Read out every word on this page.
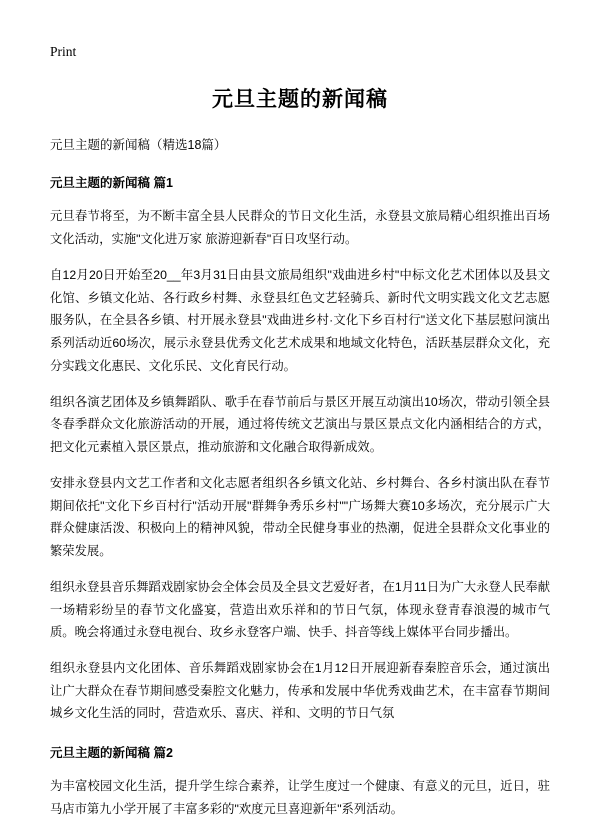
Print
元旦主题的新闻稿

元旦主题的新闻稿（精选18篇）

元旦主题的新闻稿 篇1

元旦春节将至，为不断丰富全县人民群众的节日文化生活，永登县文旅局精心组织推出百场文化活动，实施"文化进万家 旅游迎新春"百日攻坚行动。

自12月20日开始至20__年3月31日由县文旅局组织"戏曲进乡村"中标文化艺术团体以及县文化馆、乡镇文化站、各行政乡村舞、永登县红色文艺轻骑兵、新时代文明实践文化文艺志愿服务队，在全县各乡镇、村开展永登县"戏曲进乡村·文化下乡百村行"送文化下基层慰问演出系列活动近60场次，展示永登县优秀文化艺术成果和地域文化特色，活跃基层群众文化，充分实践文化惠民、文化乐民、文化育民行动。

组织各演艺团体及乡镇舞蹈队、歌手在春节前后与景区开展互动演出10场次，带动引领全县冬春季群众文化旅游活动的开展，通过将传统文艺演出与景区景点文化内涵相结合的方式，把文化元素植入景区景点，推动旅游和文化融合取得新成效。

安排永登县内文艺工作者和文化志愿者组织各乡镇文化站、乡村舞台、各乡村演出队在春节期间依托"文化下乡百村行"活动开展"群舞争秀乐乡村""广场舞大赛10多场次，充分展示广大群众健康活泼、积极向上的精神风貌，带动全民健身事业的热潮，促进全县群众文化事业的繁荣发展。

组织永登县音乐舞蹈戏剧家协会全体会员及全县文艺爱好者，在1月11日为广大永登人民奉献一场精彩纷呈的春节文化盛宴，营造出欢乐祥和的节日气氛，体现永登青春浪漫的城市气质。晚会将通过永登电视台、玫乡永登客户端、快手、抖音等线上媒体平台同步播出。

组织永登县内文化团体、音乐舞蹈戏剧家协会在1月12日开展迎新春秦腔音乐会，通过演出让广大群众在春节期间感受秦腔文化魅力，传承和发展中华优秀戏曲艺术，在丰富春节期间城乡文化生活的同时，营造欢乐、喜庆、祥和、文明的节日气氛

元旦主题的新闻稿 篇2

为丰富校园文化生活，提升学生综合素养，让学生度过一个健康、有意义的元旦，近日，驻马店市第九小学开展了丰富多彩的"欢度元旦喜迎新年"系列活动。
